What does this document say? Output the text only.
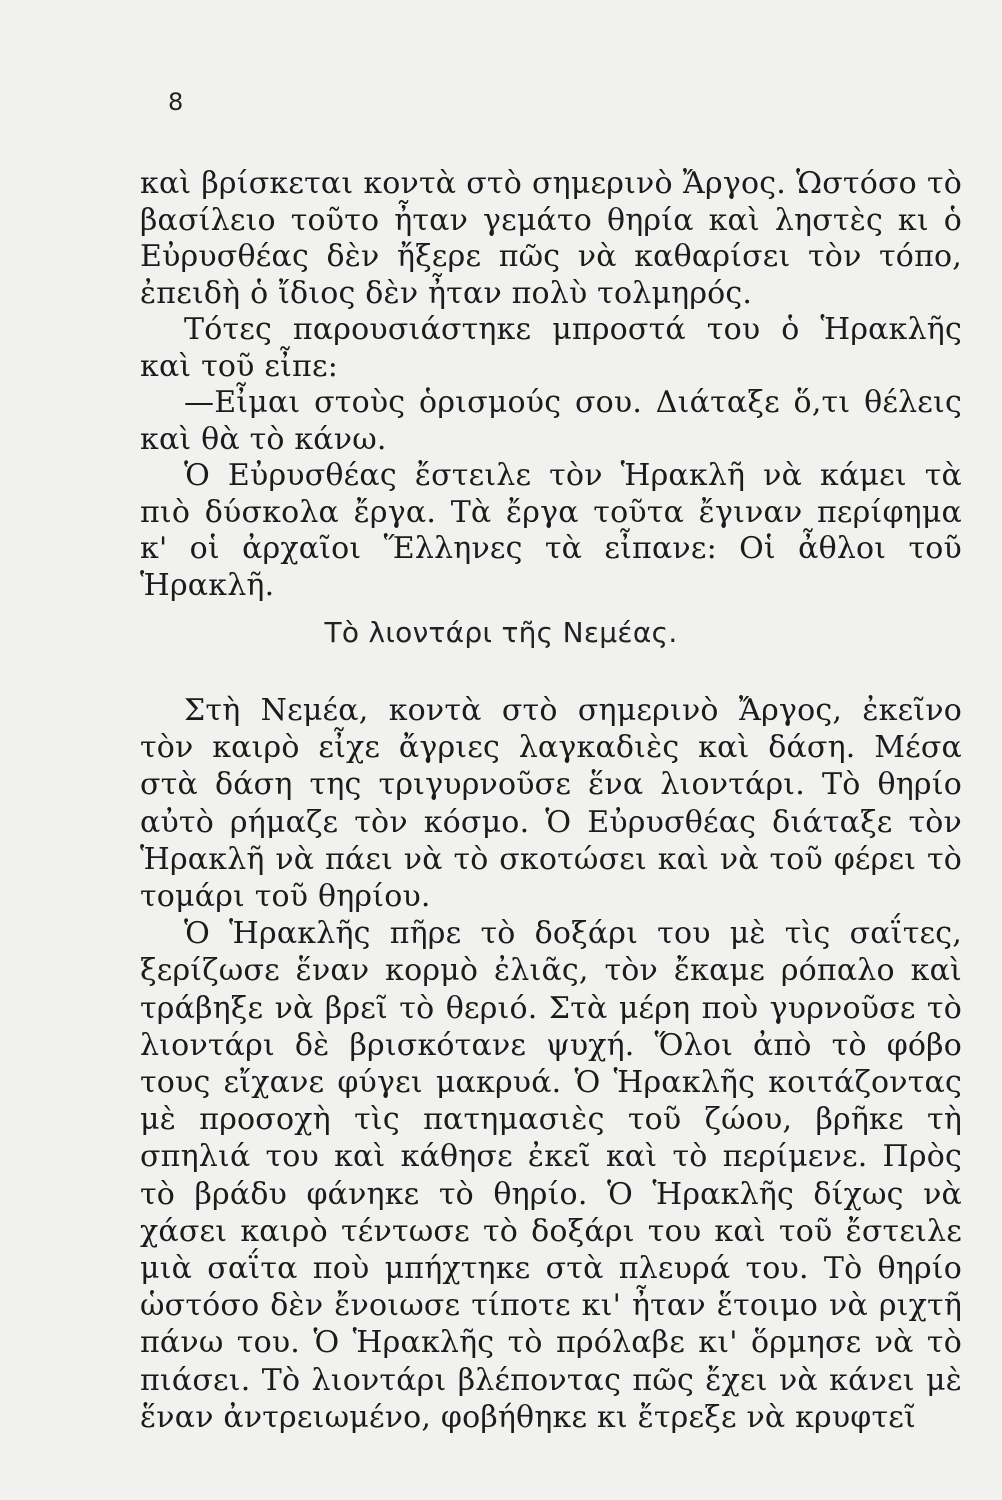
8

καὶ βρίσκεται κοντὰ στὸ σημερινὸ Ἄργος. Ὡστόσο τὸ βασίλειο τοῦτο ἦταν γεμάτο θηρία καὶ ληστὲς κι ὁ Εὐρυσθέας δὲν ἤξερε πῶς νὰ καθαρίσει τὸν τόπο, ἐπειδὴ ὁ ἴδιος δὲν ἦταν πολὺ τολμηρός.

Τότες παρουσιάστηκε μπροστά του ὁ Ἡρακλῆς καὶ τοῦ εἶπε:

—Εἶμαι στοὺς ὁρισμούς σου. Διάταξε ὅ,τι θέλεις καὶ θὰ τὸ κάνω.

Ὁ Εὐρυσθέας ἔστειλε τὸν Ἡρακλῆ νὰ κάμει τὰ πιὸ δύσκολα ἔργα. Τὰ ἔργα τοῦτα ἔγιναν περίφημα κ' οἱ ἀρχαῖοι Ἕλληνες τὰ εἶπανε: Οἱ ἆθλοι τοῦ Ἡρακλῆ.

Τὸ λιοντάρι τῆς Νεμέας.

Στὴ Νεμέα, κοντὰ στὸ σημερινὸ Ἄργος, ἐκεῖνο τὸν καιρὸ εἶχε ἄγριες λαγκαδιὲς καὶ δάση. Μέσα στὰ δάση της τριγυρνοῦσε ἕνα λιοντάρι. Τὸ θηρίο αὐτὸ ρήμαζε τὸν κόσμο. Ὁ Εὐρυσθέας διάταξε τὸν Ἡρακλῆ νὰ πάει νὰ τὸ σκοτώσει καὶ νὰ τοῦ φέρει τὸ τομάρι τοῦ θηρίου.

Ὁ Ἡρακλῆς πῆρε τὸ δοξάρι του μὲ τὶς σαΐτες, ξερίζωσε ἕναν κορμὸ ἐλιᾶς, τὸν ἔκαμε ρόπαλο καὶ τράβηξε νὰ βρεῖ τὸ θεριό. Στὰ μέρη ποὺ γυρνοῦσε τὸ λιοντάρι δὲ βρισκότανε ψυχή. Ὅλοι ἀπὸ τὸ φόβο τους εἴχανε φύγει μακρυά. Ὁ Ἡρακλῆς κοιτάζοντας μὲ προσοχὴ τὶς πατημασιὲς τοῦ ζώου, βρῆκε τὴ σπηλιά του καὶ κάθησε ἐκεῖ καὶ τὸ περίμενε. Πρὸς τὸ βράδυ φάνηκε τὸ θηρίο. Ὁ Ἡρακλῆς δίχως νὰ χάσει καιρὸ τέντωσε τὸ δοξάρι του καὶ τοῦ ἔστειλε μιὰ σαΐτα ποὺ μπήχτηκε στὰ πλευρά του. Τὸ θηρίο ὡστόσο δὲν ἔνοιωσε τίποτε κι' ἦταν ἕτοιμο νὰ ριχτῆ πάνω του. Ὁ Ἡρακλῆς τὸ πρόλαβε κι' ὅρμησε νὰ τὸ πιάσει. Τὸ λιοντάρι βλέποντας πῶς ἔχει νὰ κάνει μὲ ἕναν ἀντρειωμένο, φοβήθηκε κι ἔτρεξε νὰ κρυφτεῖ
